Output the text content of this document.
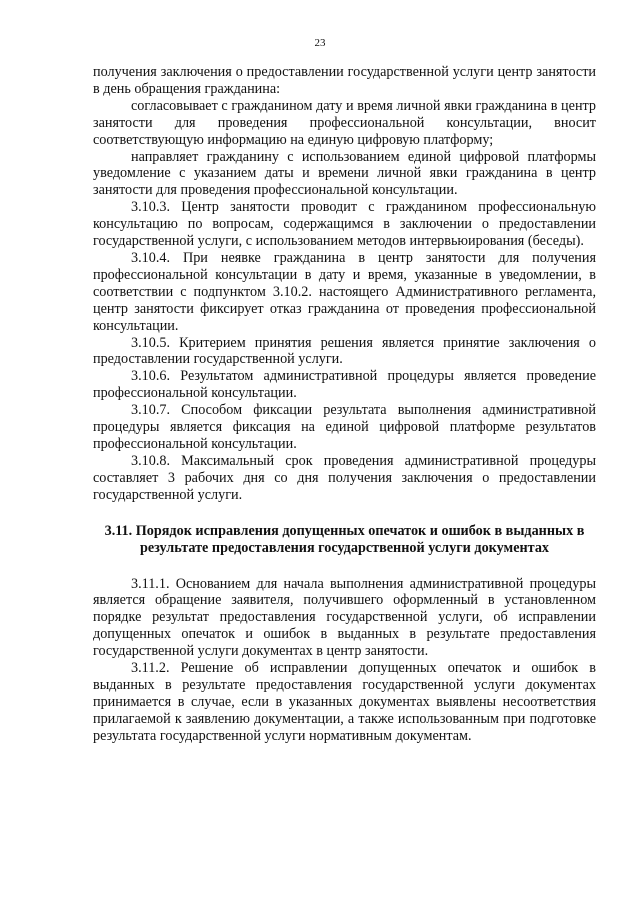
23

получения заключения о предоставлении государственной услуги центр занятости в день обращения гражданина:

согласовывает с гражданином дату и время личной явки гражданина в центр занятости для проведения профессиональной консультации, вносит соответствующую информацию на единую цифровую платформу;

направляет гражданину с использованием единой цифровой платформы уведомление с указанием даты и времени личной явки гражданина в центр занятости для проведения профессиональной консультации.

3.10.3. Центр занятости проводит с гражданином профессиональную консультацию по вопросам, содержащимся в заключении о предоставлении государственной услуги, с использованием методов интервьюирования (беседы).

3.10.4. При неявке гражданина в центр занятости для получения профессиональной консультации в дату и время, указанные в уведомлении, в соответствии с подпунктом 3.10.2. настоящего Административного регламента, центр занятости фиксирует отказ гражданина от проведения профессиональной консультации.

3.10.5. Критерием принятия решения является принятие заключения о предоставлении государственной услуги.

3.10.6. Результатом административной процедуры является проведение профессиональной консультации.

3.10.7. Способом фиксации результата выполнения административной процедуры является фиксация на единой цифровой платформе результатов профессиональной консультации.

3.10.8. Максимальный срок проведения административной процедуры составляет 3 рабочих дня со дня получения заключения о предоставлении государственной услуги.

3.11. Порядок исправления допущенных опечаток и ошибок в выданных в результате предоставления государственной услуги документах

3.11.1. Основанием для начала выполнения административной процедуры является обращение заявителя, получившего оформленный в установленном порядке результат предоставления государственной услуги, об исправлении допущенных опечаток и ошибок в выданных в результате предоставления государственной услуги документах в центр занятости.

3.11.2. Решение об исправлении допущенных опечаток и ошибок в выданных в результате предоставления государственной услуги документах принимается в случае, если в указанных документах выявлены несоответствия прилагаемой к заявлению документации, а также использованным при подготовке результата государственной услуги нормативным документам.
